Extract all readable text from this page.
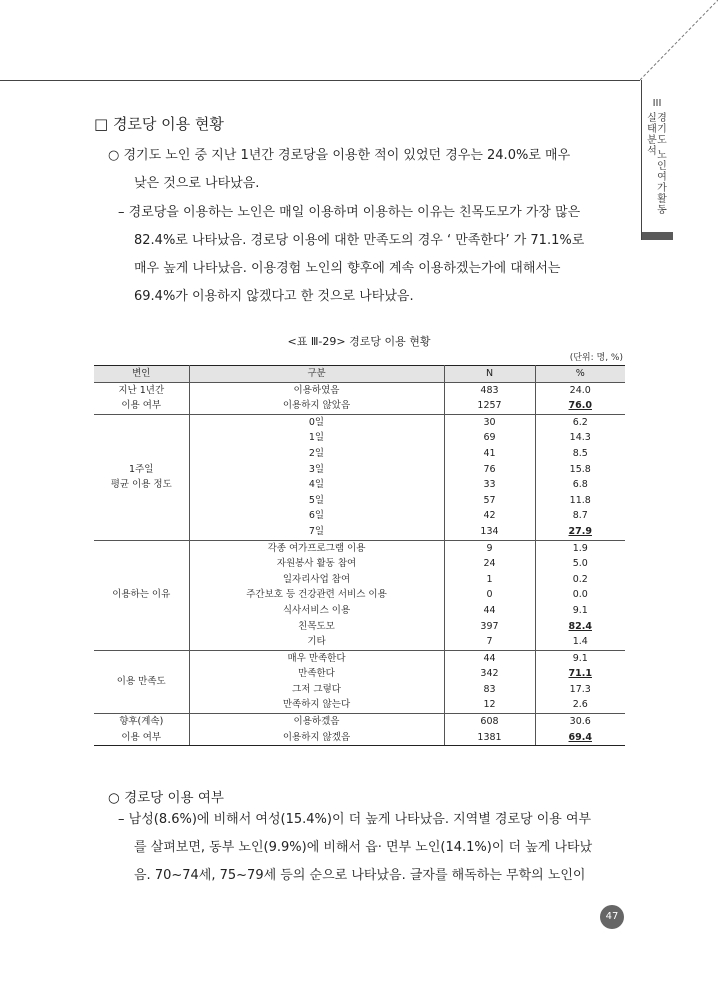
III
실
태
분
석
경
기
도
노
인
여
가
활
동
□ 경로당 이용 현황
○ 경기도 노인 중 지난 1년간 경로당을 이용한 적이 있었던 경우는 24.0%로 매우
낮은 것으로 나타났음.
– 경로당을 이용하는 노인은 매일 이용하며 이용하는 이유는 친목도모가 가장 많은
82.4%로 나타났음. 경로당 이용에 대한 만족도의 경우 ‘ 만족한다’ 가 71.1%로
매우 높게 나타났음. 이용경험 노인의 향후에 계속 이용하겠는가에 대해서는
69.4%가 이용하지 않겠다고 한 것으로 나타났음.
<표 Ⅲ-29> 경로당 이용 현황
(단위: 명, %)
변인	구분	N	%

지난 1년간
이용 여부	이용하였음	483	24.0
	이용하지 않았음	1257	76.0

1주일
평균 이용 정도	0일	30	6.2
	1일	69	14.3
	2일	41	8.5
	3일	76	15.8
	4일	33	6.8
	5일	57	11.8
	6일	42	8.7
	7일	134	27.9

이용하는 이유	각종 여가프로그램 이용	9	1.9
	자원봉사 활동 참여	24	5.0
	일자리사업 참여	1	0.2
	주간보호 등 건강관련 서비스 이용	0	0.0
	식사서비스 이용	44	9.1
	친목도모	397	82.4
	기타	7	1.4

이용 만족도	매우 만족한다	44	9.1
	만족한다	342	71.1
	그저 그렇다	83	17.3
	만족하지 않는다	12	2.6

향후(계속)
이용 여부	이용하겠음	608	30.6
	이용하지 않겠음	1381	69.4
○ 경로당 이용 여부
– 남성(8.6%)에 비해서 여성(15.4%)이 더 높게 나타났음. 지역별 경로당 이용 여부
를 살펴보면, 동부 노인(9.9%)에 비해서 읍· 면부 노인(14.1%)이 더 높게 나타났
음. 70~74세, 75~79세 등의 순으로 나타났음. 글자를 해독하는 무학의 노인이
47
